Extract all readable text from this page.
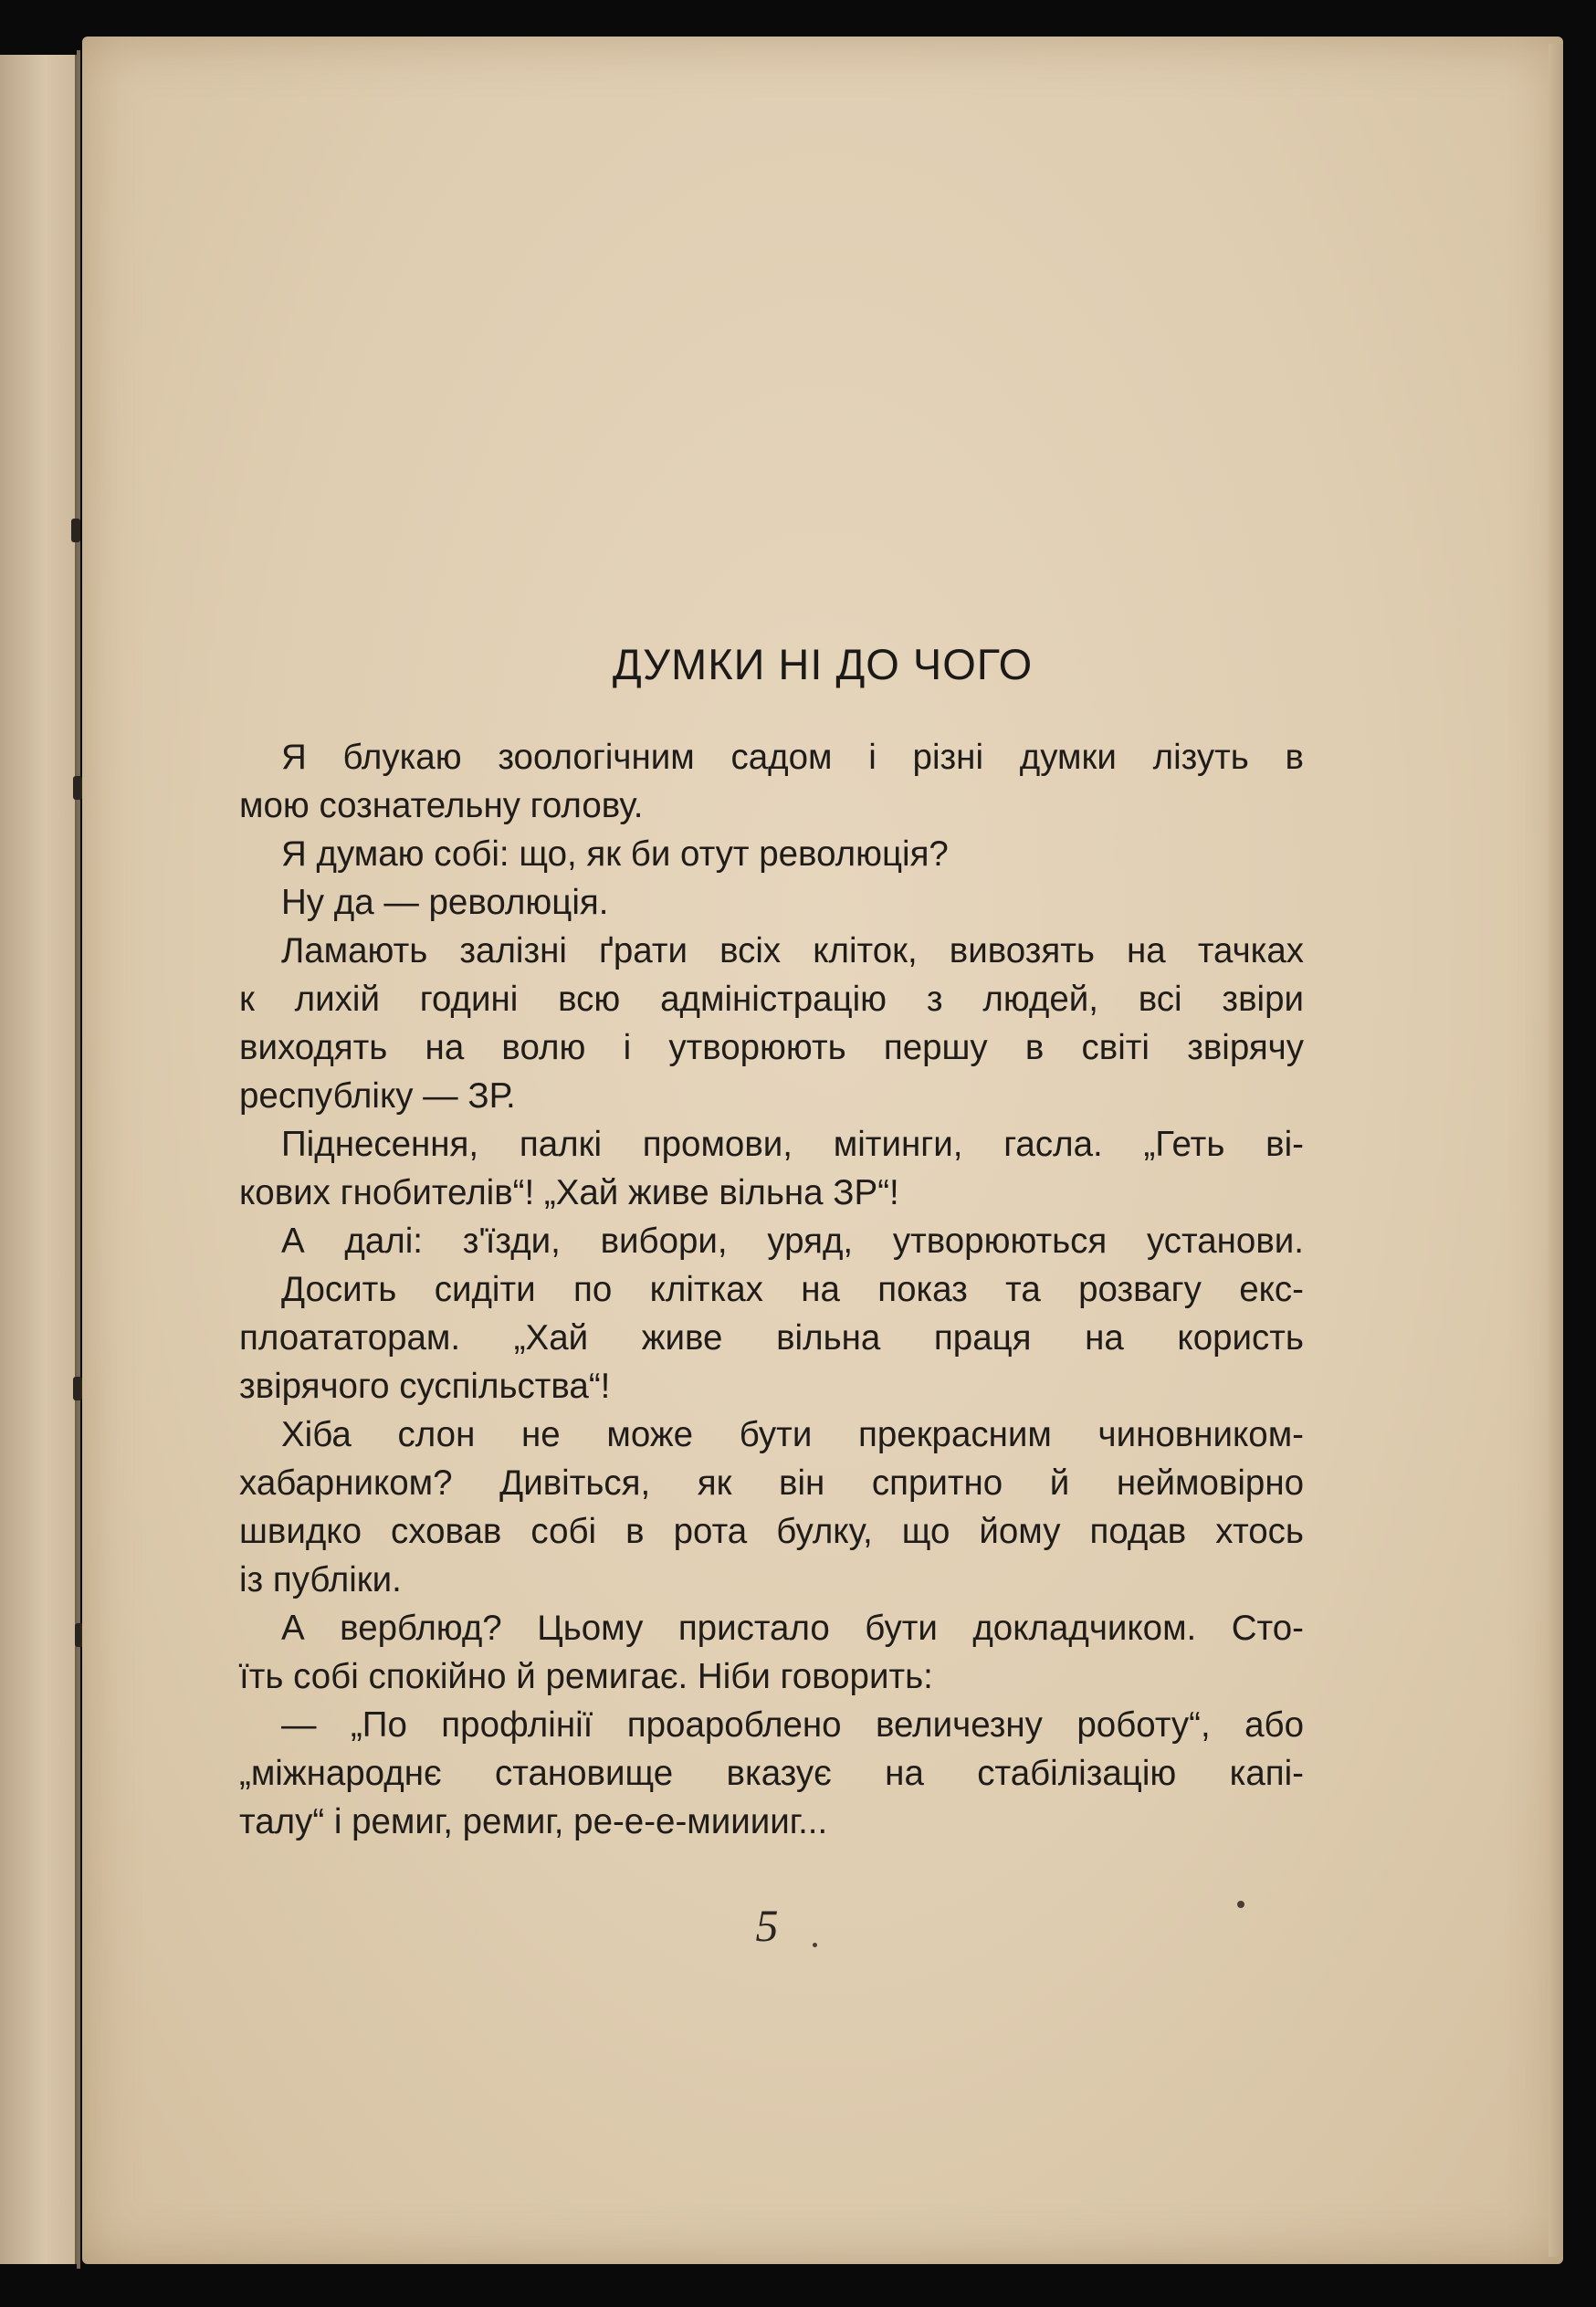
ДУМКИ НІ ДО ЧОГО
Я блукаю зоологічним садом і різні думки лізуть в
мою сознательну голову.
Я думаю собі: що, як би отут революція?
Ну да — революція.
Ламають залізні ґрати всіх кліток, вивозять на тачках
к лихій годині всю адміністрацію з людей, всі звіри
виходять на волю і утворюють першу в світі звірячу
республіку — ЗР.
Піднесення, палкі промови, мітинги, гасла. „Геть ві-
кових гнобителів“! „Хай живе вільна ЗР“!
А далі: з'їзди, вибори, уряд, утворюються установи.
Досить сидіти по клітках на показ та розвагу екс-
плоататорам. „Хай живе вільна праця на користь
звірячого суспільства“!
Хіба слон не може бути прекрасним чиновником-
хабарником? Дивіться, як він спритно й неймовірно
швидко сховав собі в рота булку, що йому подав хтось
із публіки.
А верблюд? Цьому пристало бути докладчиком. Сто-
їть собі спокійно й ремигає. Ніби говорить:
— „По профлінії проароблено величезну роботу“, або
„міжнароднє становище вказує на стабілізацію капі-
талу“ і ремиг, ремиг, ре-е-е-мииииг...
5
